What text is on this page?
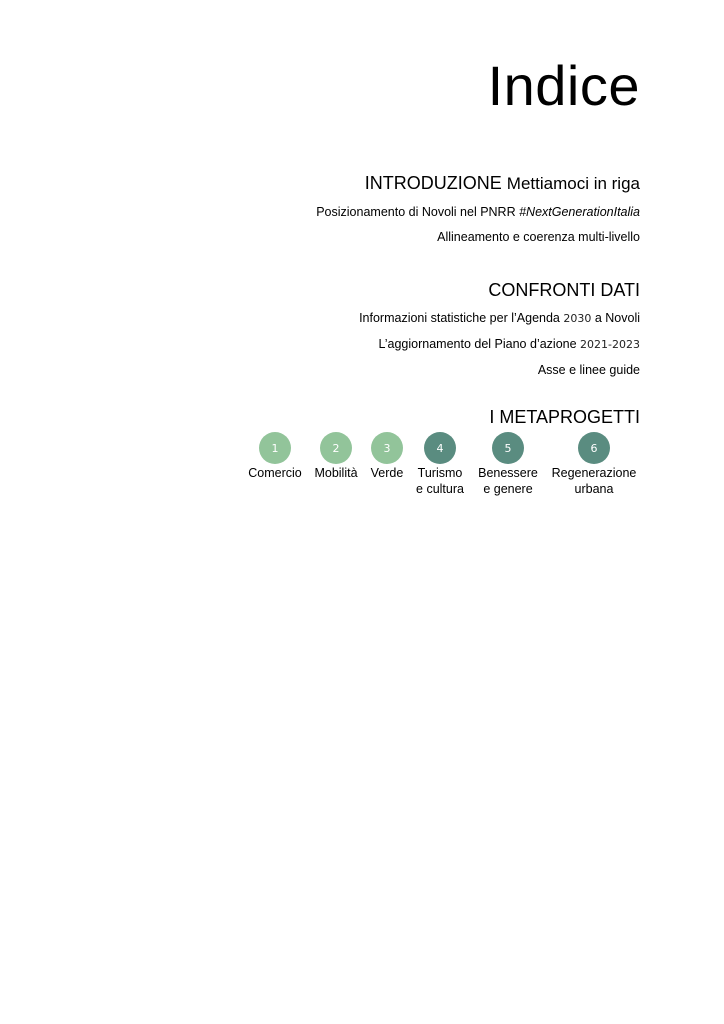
Indice
INTRODUZIONE Mettiamoci in riga
Posizionamento di Novoli nel PNRR #NextGenerationItalia
Allineamento e coerenza multi-livello
CONFRONTI DATI
Informazioni statistiche per l’Agenda 2030 a Novoli
L’aggiornamento del Piano d’azione 2021-2023
Asse e linee guide
I METAPROGETTI
1
Comercio
2
Mobilità
3
Verde
4
Turismo
e cultura
5
Benessere
e genere
6
Regenerazione
urbana
